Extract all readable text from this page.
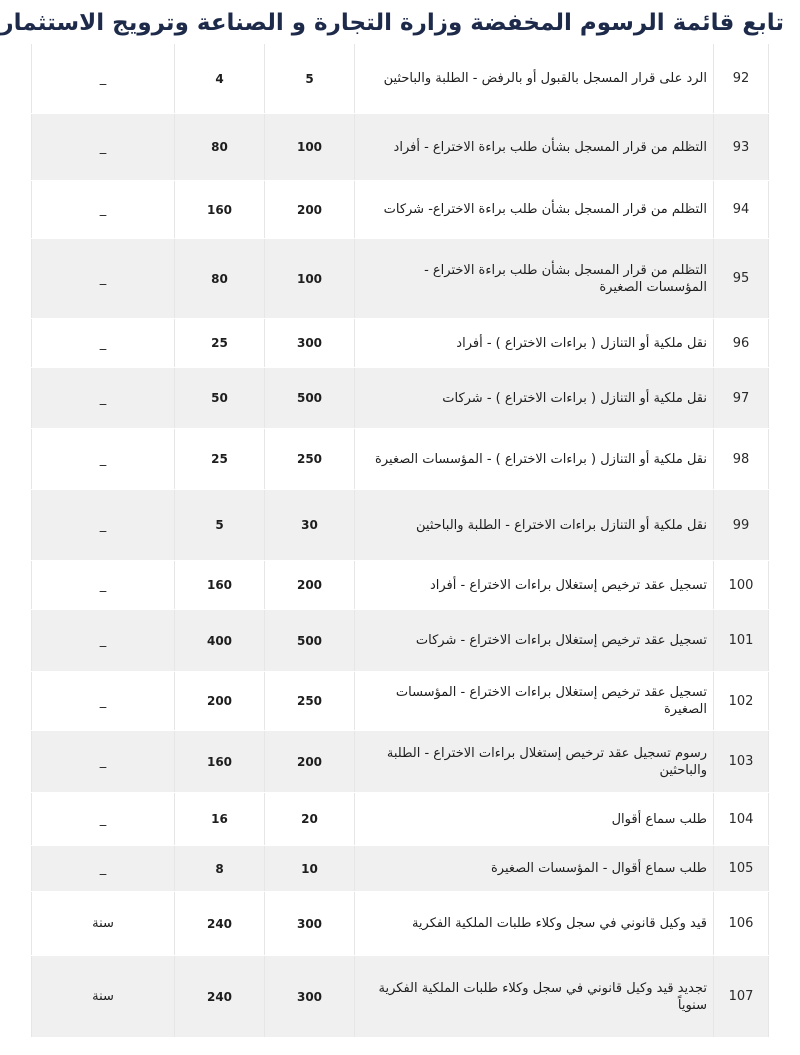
تابع قائمة الرسوم المخفضة وزارة التجارة و الصناعة وترويج الاستثمار
92	الرد على قرار المسجل بالقبول أو بالرفض - الطلبة والباحثين	5	4	_
93	التظلم من قرار المسجل بشأن طلب براءة الاختراع - أفراد	100	80	_
94	التظلم من قرار المسجل بشأن طلب براءة الاختراع- شركات	200	160	_
95	التظلم من قرار المسجل بشأن طلب براءة الاختراع - المؤسسات الصغيرة	100	80	_
96	نقل ملكية أو التنازل ( براءات الاختراع ) - أفراد	300	25	_
97	نقل ملكية أو التنازل ( براءات الاختراع ) - شركات	500	50	_
98	نقل ملكية أو التنازل ( براءات الاختراع ) - المؤسسات الصغيرة	250	25	_
99	نقل ملكية أو التنازل براءات الاختراع - الطلبة والباحثين	30	5	_
100	تسجيل عقد ترخيص إستغلال براءات الاختراع - أفراد	200	160	_
101	تسجيل عقد ترخيص إستغلال براءات الاختراع - شركات	500	400	_
102	تسجيل عقد ترخيص إستغلال براءات الاختراع - المؤسسات الصغيرة	250	200	_
103	رسوم تسجيل عقد ترخيص إستغلال براءات الاختراع - الطلبة والباحثين	200	160	_
104	طلب سماع أقوال	20	16	_
105	طلب سماع أقوال - المؤسسات الصغيرة	10	8	_
106	قيد وكيل قانوني في سجل وكلاء طلبات الملكية الفكرية	300	240	سنة
107	تجديد قيد وكيل قانوني في سجل وكلاء طلبات الملكية الفكرية سنوياً	300	240	سنة
